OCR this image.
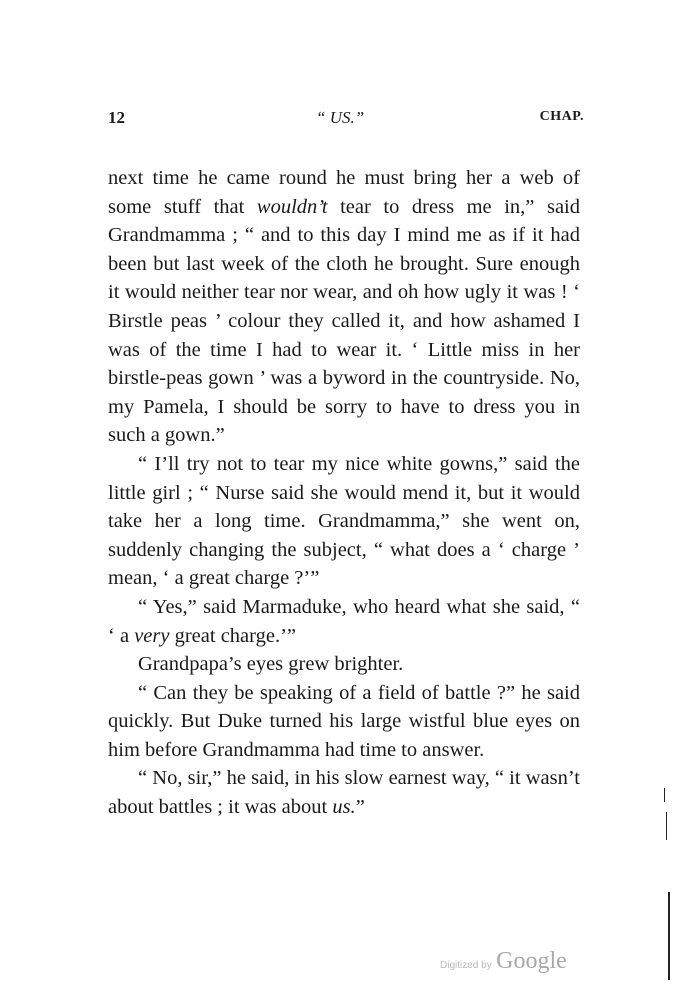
12	“ US.”	CHAP.

next time he came round he must bring her a web of some stuff that wouldn’t tear to dress me in,” said Grandmamma ; “ and to this day I mind me as if it had been but last week of the cloth he brought. Sure enough it would neither tear nor wear, and oh how ugly it was ! ‘ Birstle peas ’ colour they called it, and how ashamed I was of the time I had to wear it. ‘ Little miss in her birstle-peas gown ’ was a byword in the countryside. No, my Pamela, I should be sorry to have to dress you in such a gown.”

“ I’ll try not to tear my nice white gowns,” said the little girl ; “ Nurse said she would mend it, but it would take her a long time. Grandmamma,” she went on, suddenly changing the subject, “ what does a ‘ charge ’ mean, ‘ a great charge ?’”

“ Yes,” said Marmaduke, who heard what she said, “ ‘ a very great charge.’”

Grandpapa’s eyes grew brighter.

“ Can they be speaking of a field of battle ?” he said quickly. But Duke turned his large wistful blue eyes on him before Grandmamma had time to answer.

“ No, sir,” he said, in his slow earnest way, “ it wasn’t about battles ; it was about us.”

Digitized by Google
